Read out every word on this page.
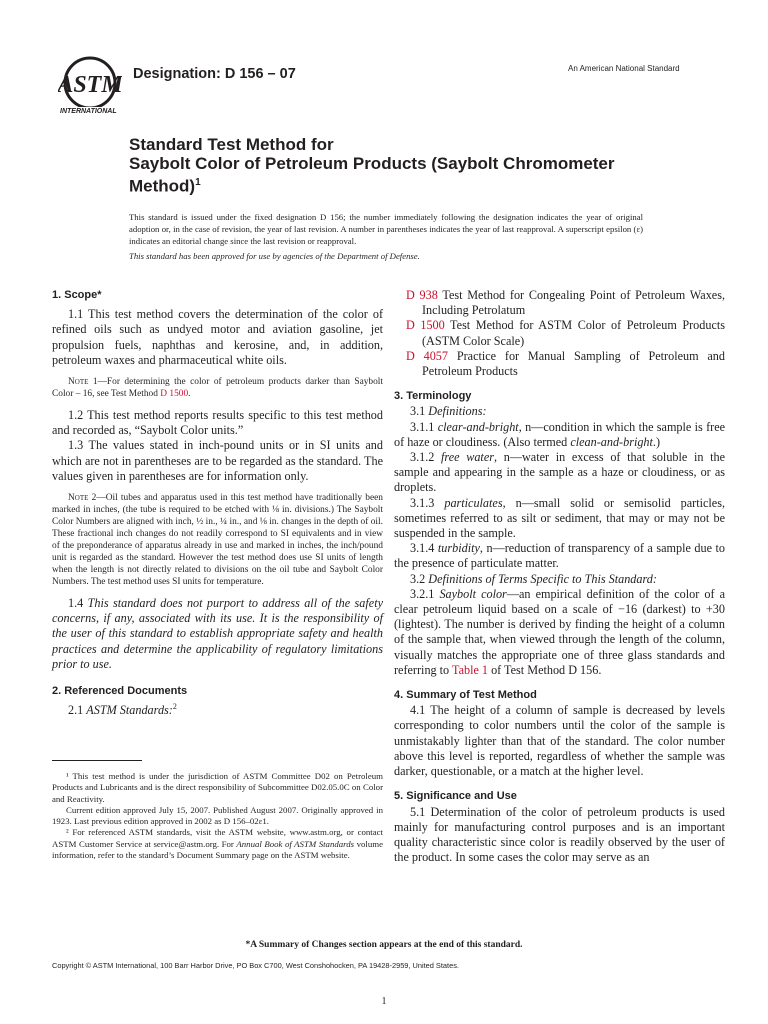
ASTM
INTERNATIONAL
Designation: D 156 – 07	An American National Standard
Standard Test Method for
Saybolt Color of Petroleum Products (Saybolt Chromometer
Method)$^1$
This standard is issued under the fixed designation D 156; the number immediately following the designation indicates the year of original adoption or, in the case of revision, the year of last revision. A number in parentheses indicates the year of last reapproval. A superscript epsilon (ε) indicates an editorial change since the last revision or reapproval.
This standard has been approved for use by agencies of the Department of Defense.

1. Scope*

1.1 This test method covers the determination of the color of refined oils such as undyed motor and aviation gasoline, jet propulsion fuels, naphthas and kerosine, and, in addition, petroleum waxes and pharmaceutical white oils.

Note 1—For determining the color of petroleum products darker than Saybolt Color – 16, see Test Method D 1500.

1.2 This test method reports results specific to this test method and recorded as, “Saybolt Color units.”

1.3 The values stated in inch-pound units or in SI units and which are not in parentheses are to be regarded as the standard. The values given in parentheses are for information only.

Note 2—Oil tubes and apparatus used in this test method have traditionally been marked in inches, (the tube is required to be etched with ⅛ in. divisions.) The Saybolt Color Numbers are aligned with inch, ½ in., ¼ in., and ⅛ in. changes in the depth of oil. These fractional inch changes do not readily correspond to SI equivalents and in view of the preponderance of apparatus already in use and marked in inches, the inch/pound unit is regarded as the standard. However the test method does use SI units of length when the length is not directly related to divisions on the oil tube and Saybolt Color Numbers. The test method uses SI units for temperature.

1.4 This standard does not purport to address all of the safety concerns, if any, associated with its use. It is the responsibility of the user of this standard to establish appropriate safety and health practices and determine the applicability of regulatory limitations prior to use.

2. Referenced Documents

2.1 ASTM Standards:$^2$

¹ This test method is under the jurisdiction of ASTM Committee D02 on Petroleum Products and Lubricants and is the direct responsibility of Subcommittee D02.05.0C on Color and Reactivity.

Current edition approved July 15, 2007. Published August 2007. Originally approved in 1923. Last previous edition approved in 2002 as D 156–02ε1.

² For referenced ASTM standards, visit the ASTM website, www.astm.org, or contact ASTM Customer Service at service@astm.org. For Annual Book of ASTM Standards volume information, refer to the standard’s Document Summary page on the ASTM website.

D 938 Test Method for Congealing Point of Petroleum Waxes, Including Petrolatum

D 1500 Test Method for ASTM Color of Petroleum Products (ASTM Color Scale)

D 4057 Practice for Manual Sampling of Petroleum and Petroleum Products

3. Terminology

3.1 Definitions:

3.1.1 clear-and-bright, n—condition in which the sample is free of haze or cloudiness. (Also termed clean-and-bright.)

3.1.2 free water, n—water in excess of that soluble in the sample and appearing in the sample as a haze or cloudiness, or as droplets.

3.1.3 particulates, n—small solid or semisolid particles, sometimes referred to as silt or sediment, that may or may not be suspended in the sample.

3.1.4 turbidity, n—reduction of transparency of a sample due to the presence of particulate matter.

3.2 Definitions of Terms Specific to This Standard:

3.2.1 Saybolt color—an empirical definition of the color of a clear petroleum liquid based on a scale of −16 (darkest) to +30 (lightest). The number is derived by finding the height of a column of the sample that, when viewed through the length of the column, visually matches the appropriate one of three glass standards and referring to Table 1 of Test Method D 156.

4. Summary of Test Method

4.1 The height of a column of sample is decreased by levels corresponding to color numbers until the color of the sample is unmistakably lighter than that of the standard. The color number above this level is reported, regardless of whether the sample was darker, questionable, or a match at the higher level.

5. Significance and Use

5.1 Determination of the color of petroleum products is used mainly for manufacturing control purposes and is an important quality characteristic since color is readily observed by the user of the product. In some cases the color may serve as an

*A Summary of Changes section appears at the end of this standard.
Copyright © ASTM International, 100 Barr Harbor Drive, PO Box C700, West Conshohocken, PA 19428-2959, United States.
1
